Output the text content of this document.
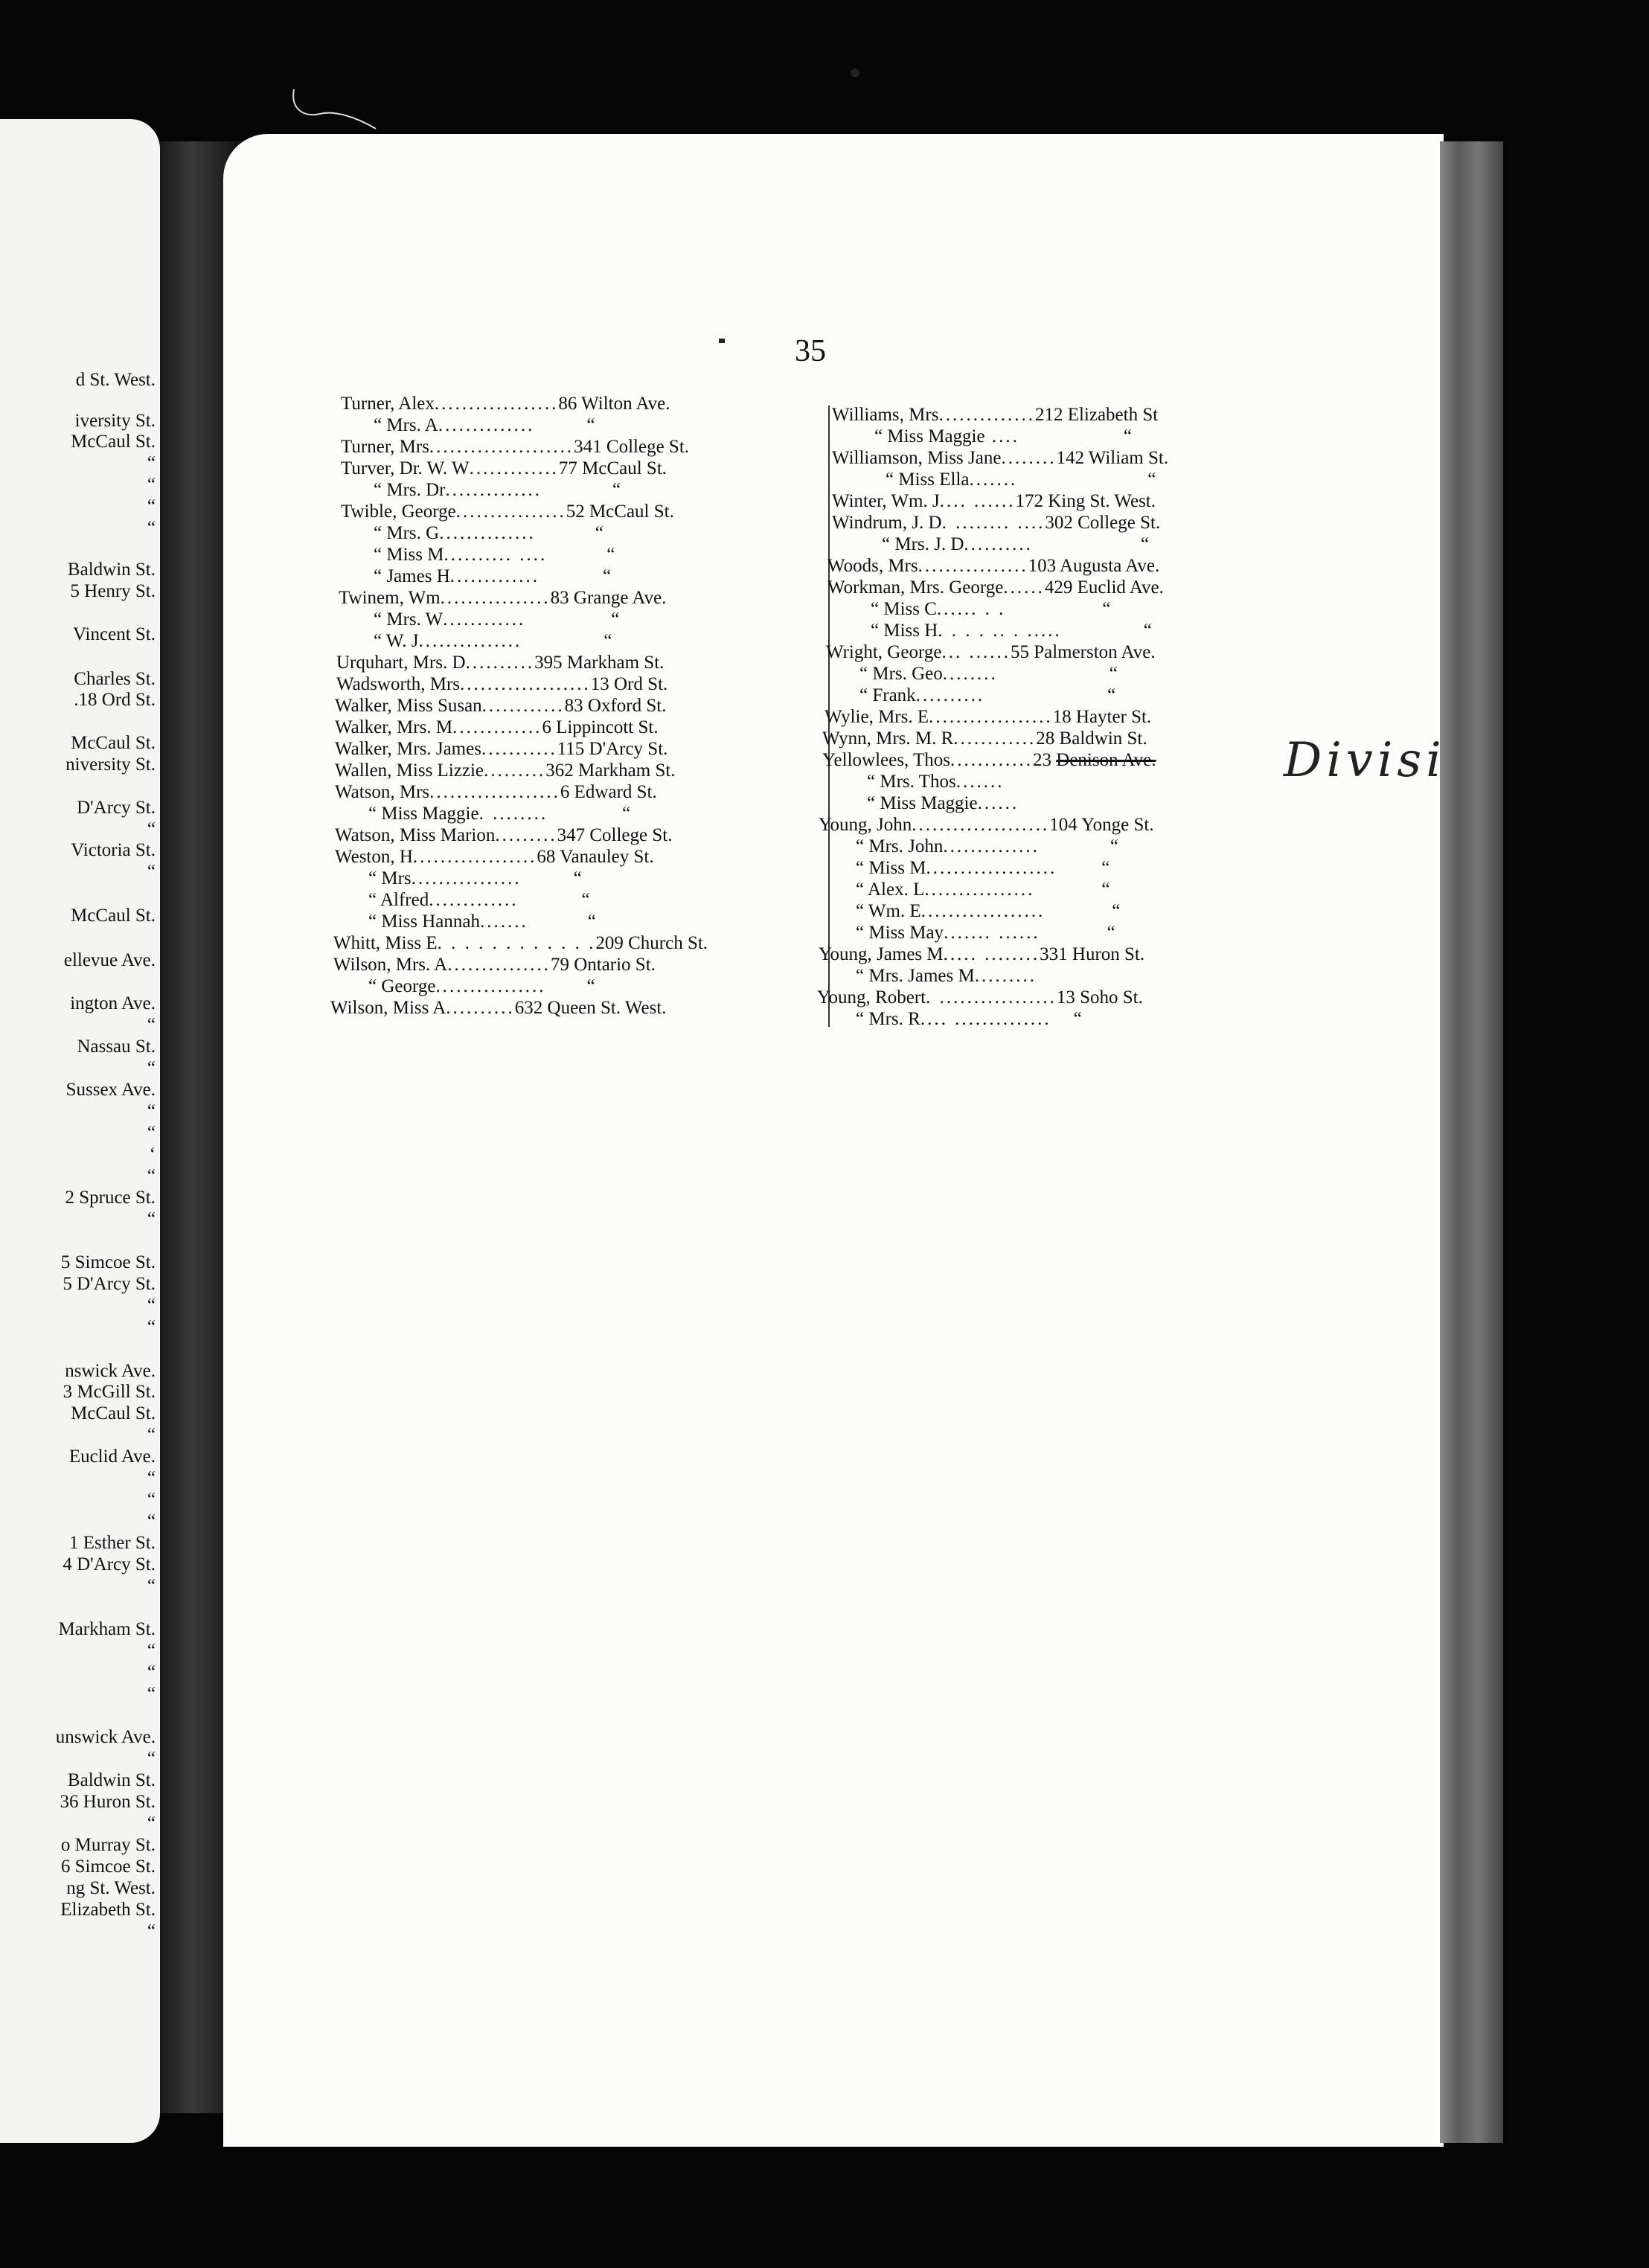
d St. West.
iversity St.
McCaul St.
“
“
“
“
Baldwin St.
5 Henry St.
Vincent St.
Charles St.
.18 Ord St.
McCaul St.
niversity St.
D'Arcy St.
“
Victoria St.
“
McCaul St.
ellevue Ave.
ington Ave.
“
Nassau St.
“
Sussex Ave.
“
“
‘
“
2 Spruce St.
“
5 Simcoe St.
5 D'Arcy St.
“
“
nswick Ave.
3 McGill St.
McCaul St.
“
Euclid Ave.
“
“
“
1 Esther St.
4 D'Arcy St.
“
Markham St.
“
“
“
unswick Ave.
“
Baldwin St.
36 Huron St.
“
o Murray St.
6 Simcoe St.
ng St. West.
Elizabeth St.
“
35
Turner, Alex..................86 Wilton Ave.
“ Mrs. A..............	“
Turner, Mrs.....................341 College St.
Turver, Dr. W. W.............77 McCaul St.
“ Mrs. Dr..............	“
Twible, George................52 McCaul St.
“ Mrs. G..............	“
“ Miss M.......... ....	“
“ James H.............	“
Twinem, Wm................83 Grange Ave.
“ Mrs. W............	“
“ W. J...............	“
Urquhart, Mrs. D..........395 Markham St.
Wadsworth, Mrs...................13 Ord St.
Walker, Miss Susan............83 Oxford St.
Walker, Mrs. M.............6 Lippincott St.
Walker, Mrs. James...........115 D'Arcy St.
Wallen, Miss Lizzie.........362 Markham St.
Watson, Mrs...................6 Edward St.
“ Miss Maggie. ........	“
Watson, Miss Marion.........347 College St.
Weston, H..................68 Vanauley St.
“ Mrs................	“
“ Alfred.............	“
“ Miss Hannah.......	“
Whitt, Miss E. . . . . . . . . . . .209 Church St.
Wilson, Mrs. A...............79 Ontario St.
“ George................ “
Wilson, Miss A..........632 Queen St. West.
Williams, Mrs..............212 Elizabeth St
“ Miss Maggie ....	“
Williamson, Miss Jane........142 Wiliam St.
“ Miss Ella.......	“
Winter, Wm. J.... ......172 King St. West.
Windrum, J. D. ........ ....302 College St.
“ Mrs. J. D..........	“
Woods, Mrs................103 Augusta Ave.
Workman, Mrs. George......429 Euclid Ave.
“ Miss C...... . .	“
“ Miss H. . . . .. . .....	“
Wright, George... ......55 Palmerston Ave.
“ Mrs. Geo........	“
“ Frank..........	“
Wylie, Mrs. E..................18 Hayter St.
Wynn, Mrs. M. R............28 Baldwin St.
Yellowlees, Thos............23 Denison Ave.
“ Mrs. Thos.......
“ Miss Maggie......
Young, John....................104 Yonge St.
“ Mrs. John..............	“
“ Miss M................... “
“ Alex. L................	“
“ Wm. E..................	“
“ Miss May....... ......	“
Young, James M..... ........331 Huron St.
“ Mrs. James M.........
Young, Robert. .................13 Soho St.
“ Mrs. R.... .............. “
Divisi
